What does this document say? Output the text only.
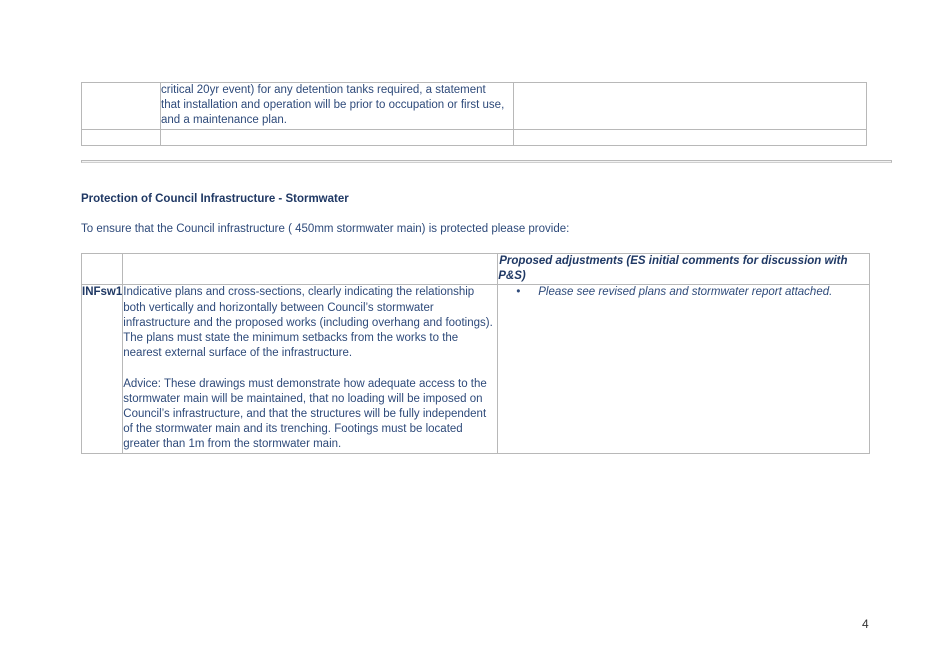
	critical 20yr event) for any detention tanks required, a statement
that installation and operation will be prior to occupation or first use,
and a maintenance plan.	

Protection of Council Infrastructure - Stormwater
To ensure that the Council infrastructure ( 450mm stormwater main) is protected please provide:
		Proposed adjustments (ES initial comments for discussion with P&S)
INFsw1	Indicative plans and cross-sections, clearly indicating the relationship
both vertically and horizontally between Council’s stormwater
infrastructure and the proposed works (including overhang and footings).
The plans must state the minimum setbacks from the works to the
nearest external surface of the infrastructure.
Advice: These drawings must demonstrate how adequate access to the
stormwater main will be maintained, that no loading will be imposed on
Council’s infrastructure, and that the structures will be fully independent
of the stormwater main and its trenching. Footings must be located
greater than 1m from the stormwater main.

•	Please see revised plans and stormwater report attached.
4
